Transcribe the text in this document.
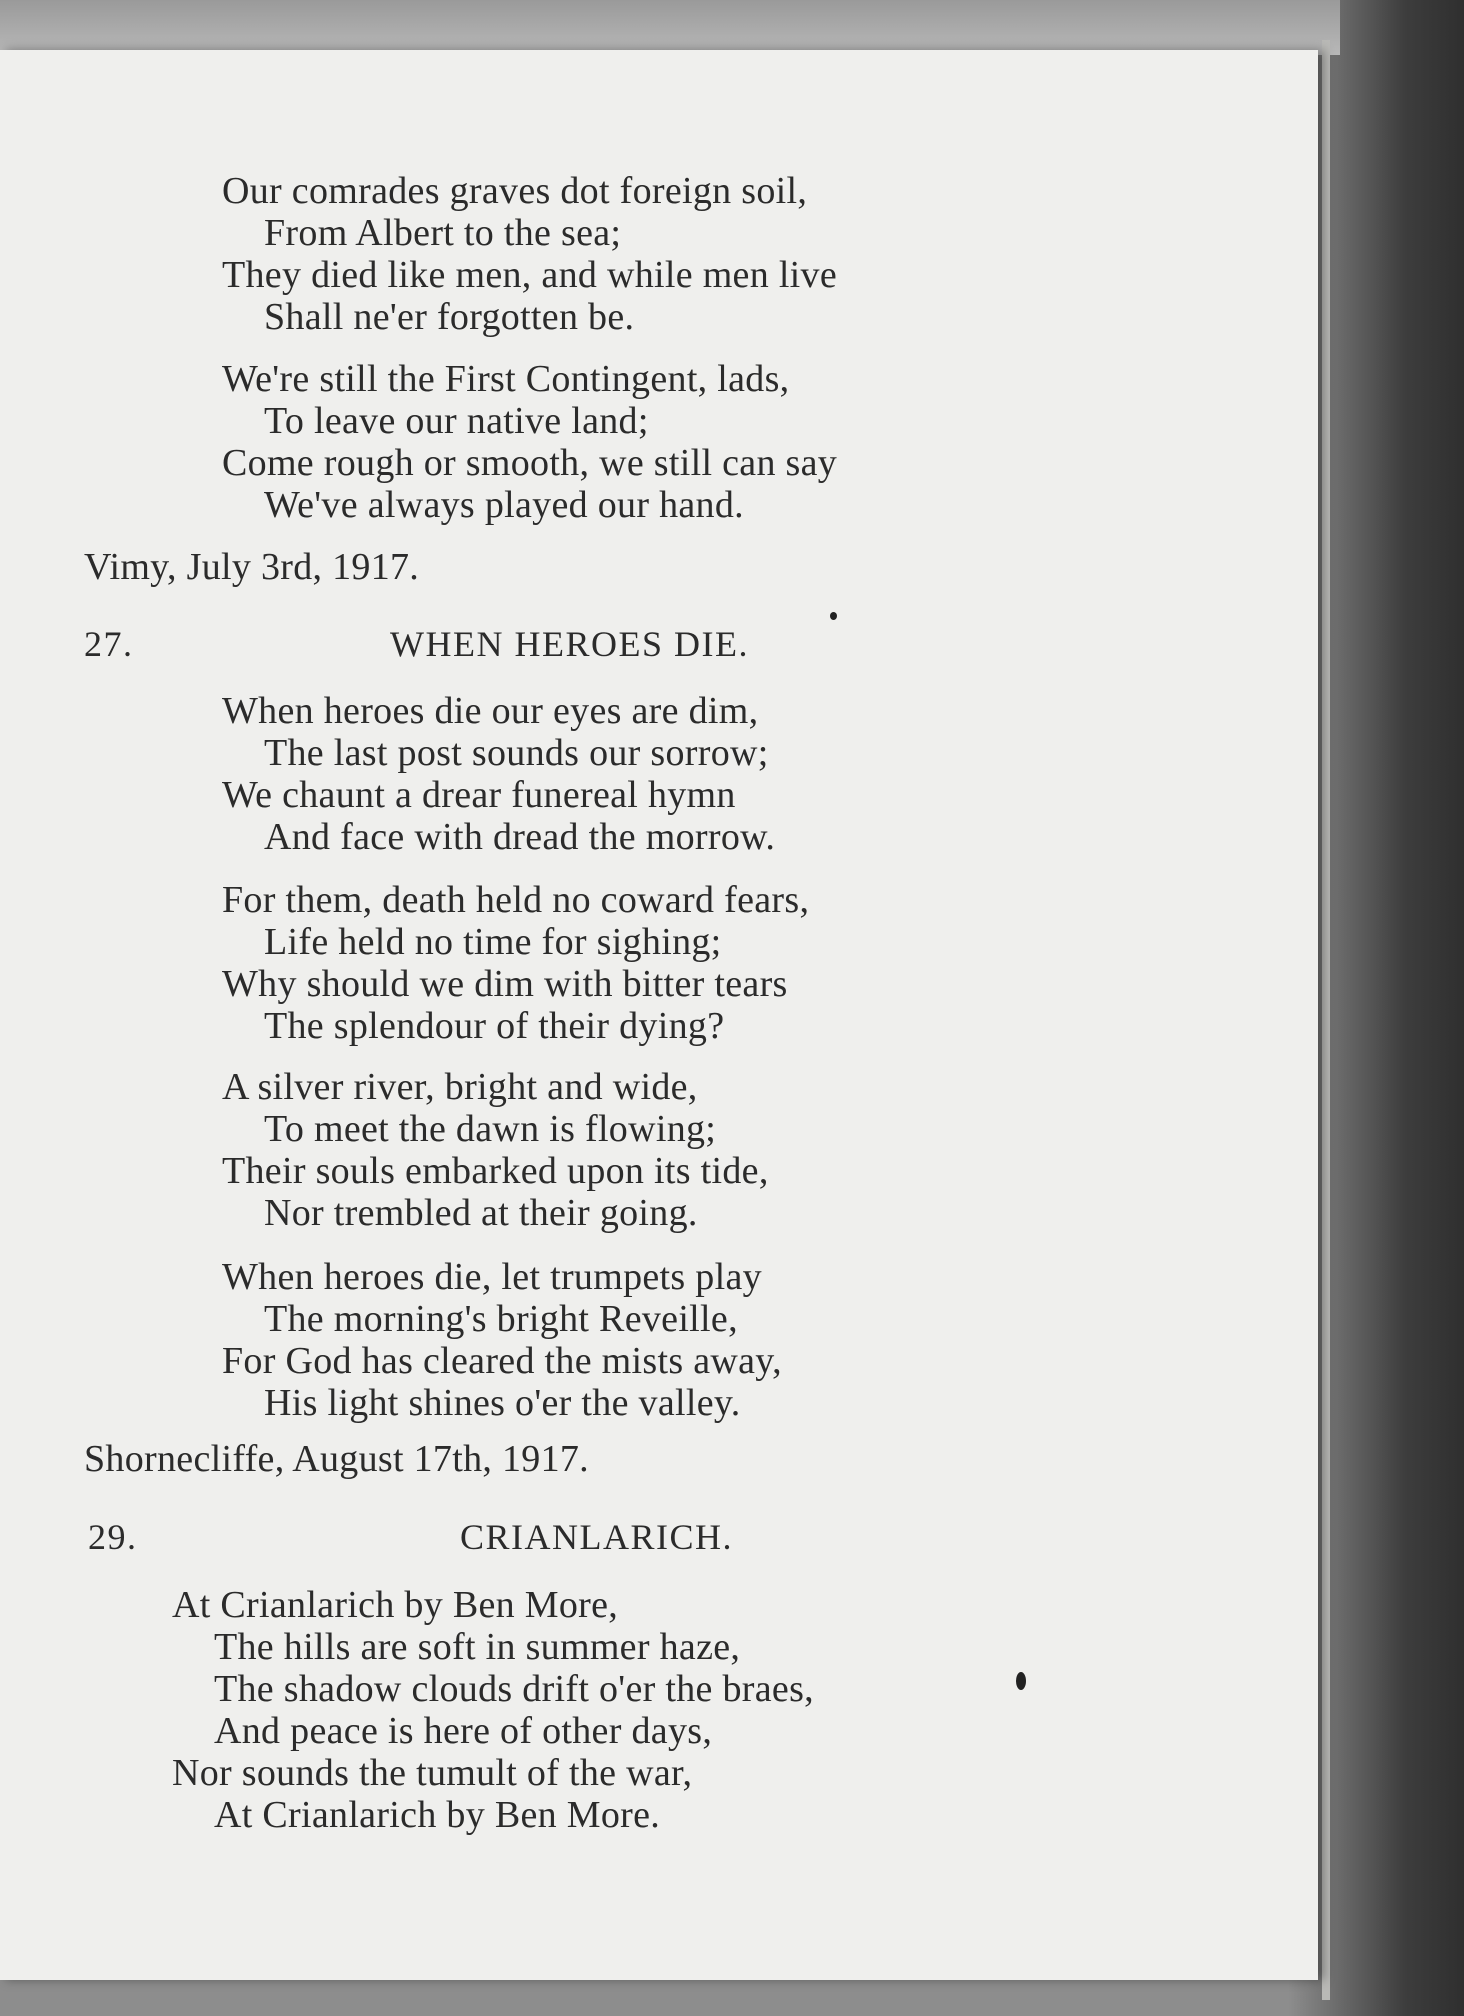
Our comrades graves dot foreign soil,
From Albert to the sea;
They died like men, and while men live
Shall ne'er forgotten be.
We're still the First Contingent, lads,
To leave our native land;
Come rough or smooth, we still can say
We've always played our hand.
Vimy, July 3rd, 1917.
27.	WHEN HEROES DIE.
When heroes die our eyes are dim,
The last post sounds our sorrow;
We chaunt a drear funereal hymn
And face with dread the morrow.
For them, death held no coward fears,
Life held no time for sighing;
Why should we dim with bitter tears
The splendour of their dying?
A silver river, bright and wide,
To meet the dawn is flowing;
Their souls embarked upon its tide,
Nor trembled at their going.
When heroes die, let trumpets play
The morning's bright Reveille,
For God has cleared the mists away,
His light shines o'er the valley.
Shornecliffe, August 17th, 1917.
29.	CRIANLARICH.
At Crianlarich by Ben More,
The hills are soft in summer haze,
The shadow clouds drift o'er the braes,
And peace is here of other days,
Nor sounds the tumult of the war,
At Crianlarich by Ben More.
